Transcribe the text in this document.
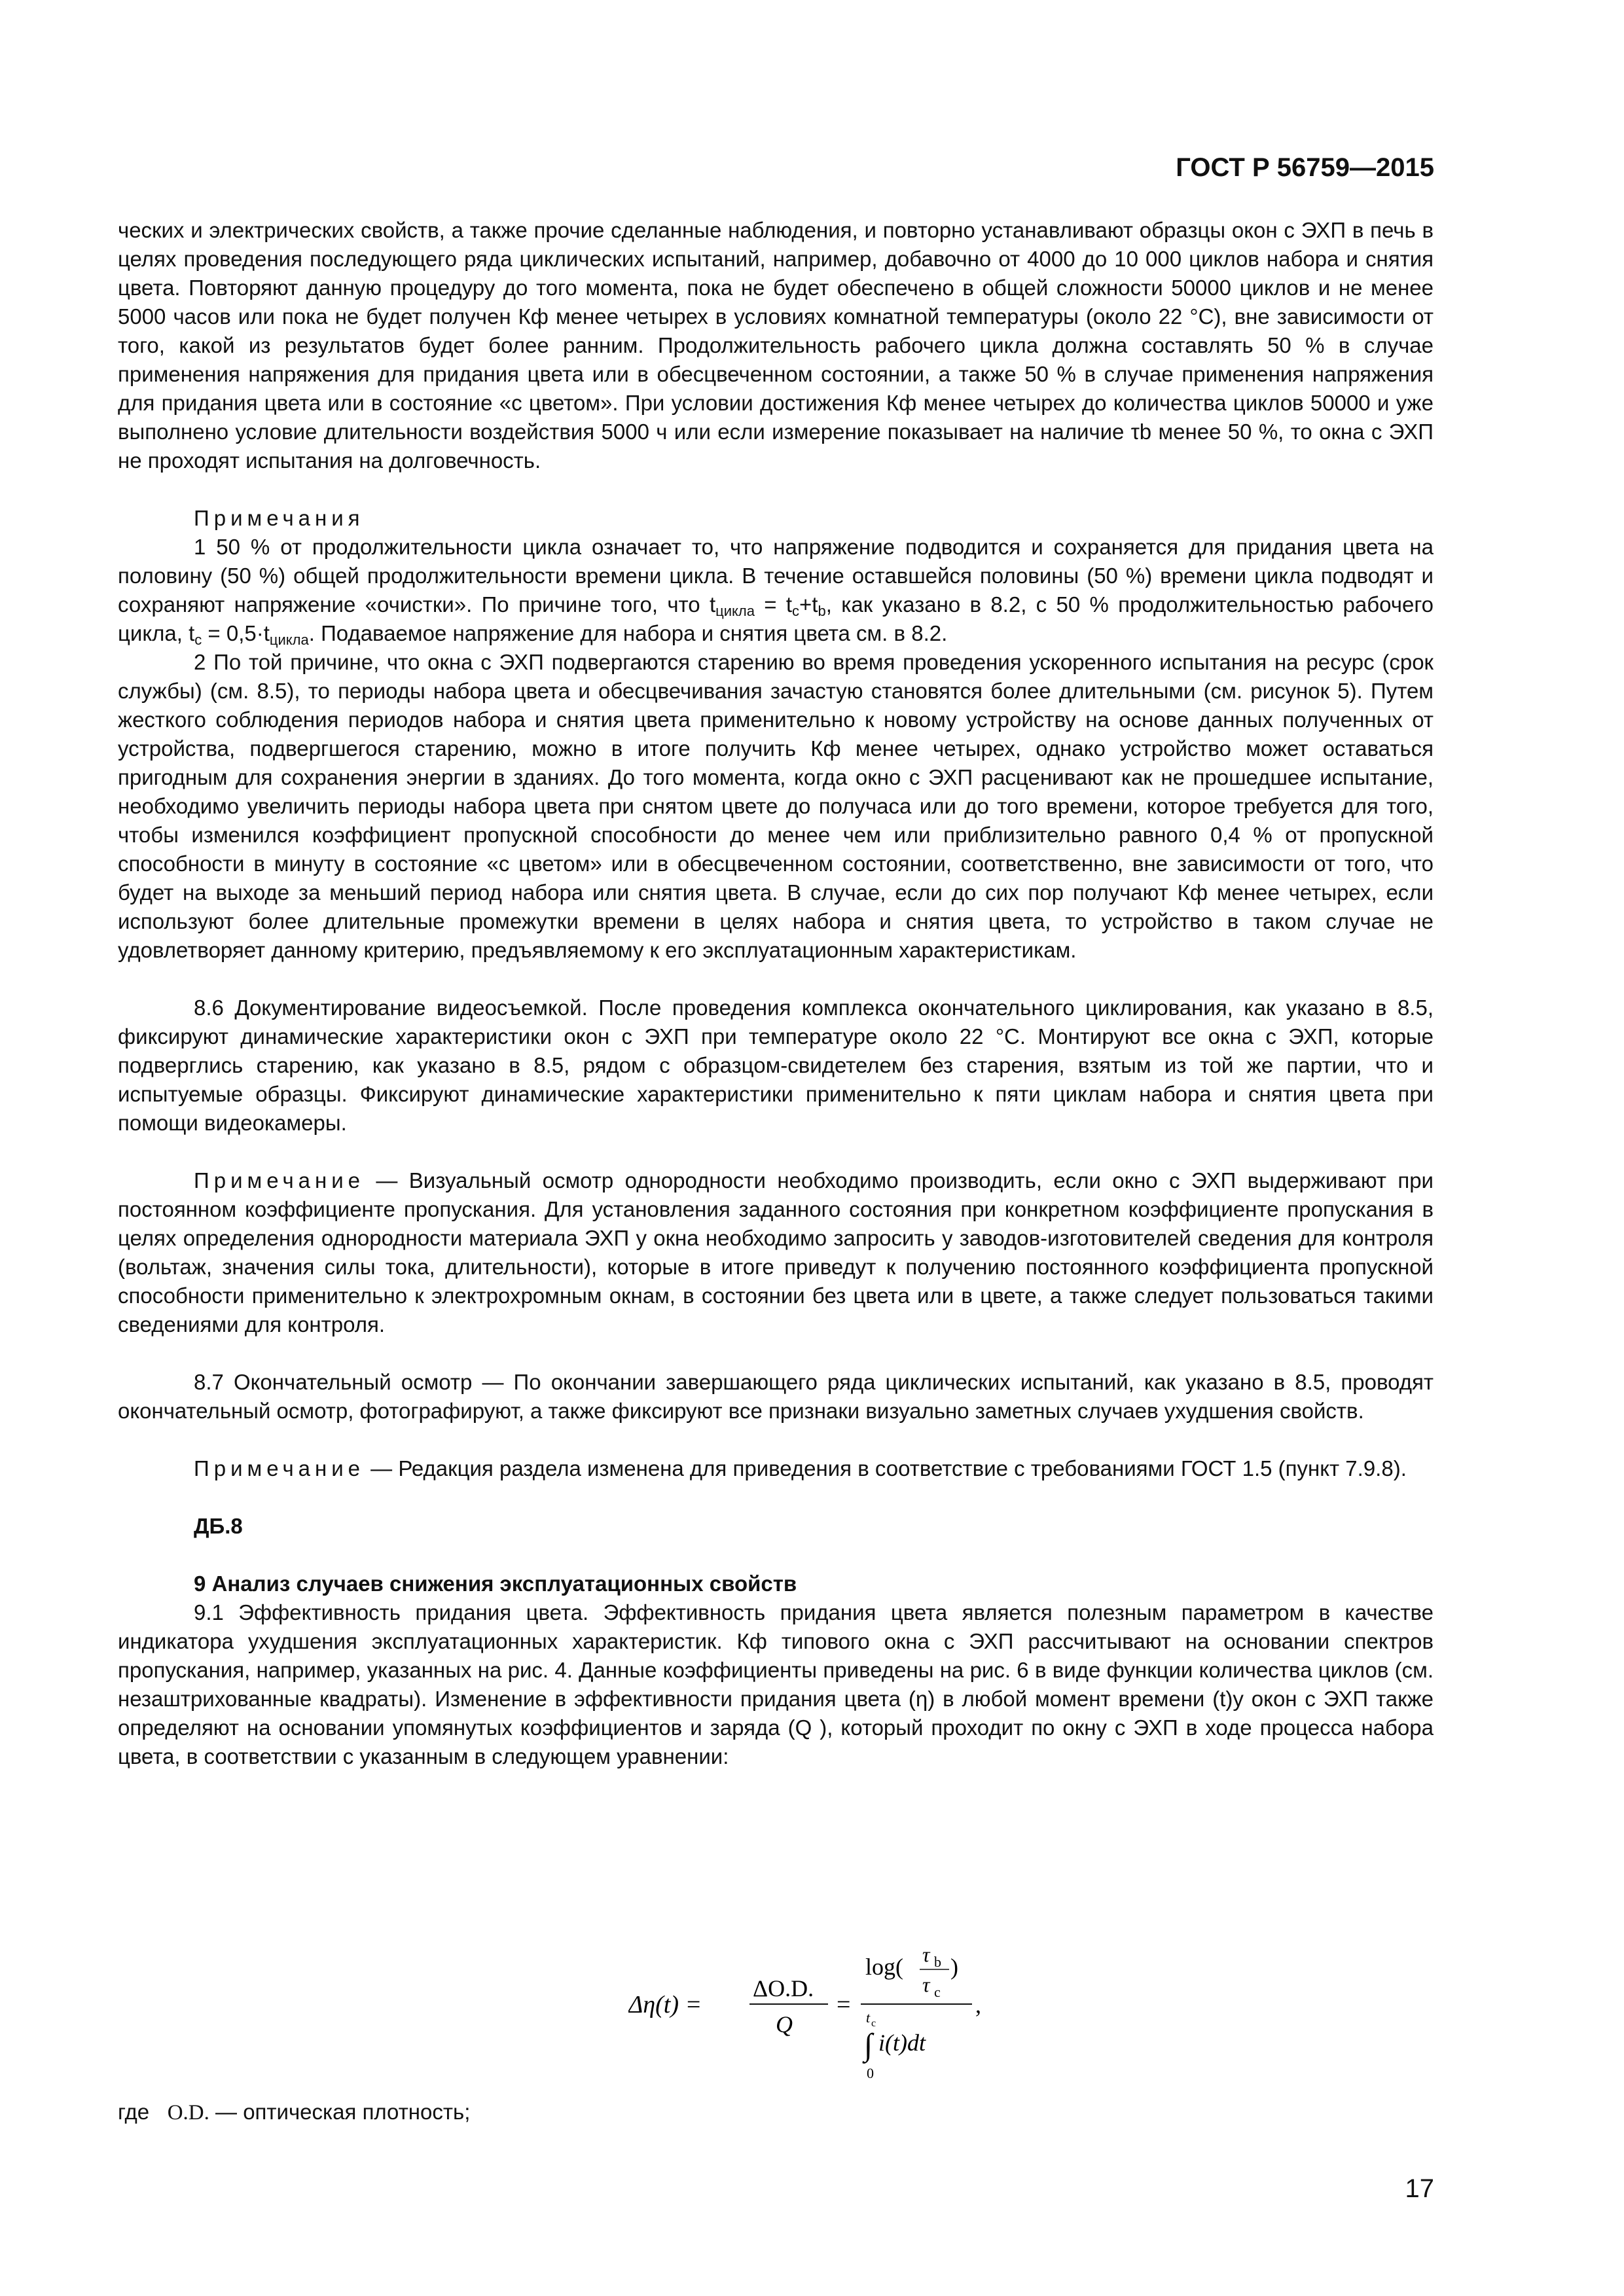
ГОСТ Р 56759—2015

ческих и электрических свойств, а также прочие сделанные наблюдения, и повторно устанавливают образцы окон с ЭХП в печь в целях проведения последующего ряда циклических испытаний, например, добавочно от 4000 до 10 000 циклов набора и снятия цвета. Повторяют данную процедуру до того момента, пока не будет обеспечено в общей сложности 50000 циклов и не менее 5000 часов или пока не будет получен Кф менее четырех в условиях комнатной температуры (около 22 °С), вне зависимости от того, какой из результатов будет более ранним. Продолжительность рабочего цикла должна составлять 50 % в случае применения напряжения для придания цвета или в обесцвеченном состоянии, а также 50 % в случае применения напряжения для придания цвета или в состояние «с цветом». При условии достижения Кф менее четырех до количества циклов 50000 и уже выполнено условие длительности воздействия 5000 ч или если измерение показывает на наличие τb менее 50 %, то окна с ЭХП не проходят испытания на долговечность.

Примечания

1 50 % от продолжительности цикла означает то, что напряжение подводится и сохраняется для придания цвета на половину (50 %) общей продолжительности времени цикла. В течение оставшейся половины (50 %) времени цикла подводят и сохраняют напряжение «очистки». По причине того, что $t_{цикла} = t_c+t_b$, как указано в 8.2, с 50 % продолжительностью рабочего цикла, $t_c = 0,5\cdot t_{цикла}$. Подаваемое напряжение для набора и снятия цвета см. в 8.2.

2 По той причине, что окна с ЭХП подвергаются старению во время проведения ускоренного испытания на ресурс (срок службы) (см. 8.5), то периоды набора цвета и обесцвечивания зачастую становятся более длительными (см. рисунок 5). Путем жесткого соблюдения периодов набора и снятия цвета применительно к новому устройству на основе данных полученных от устройства, подвергшегося старению, можно в итоге получить Кф менее четырех, однако устройство может оставаться пригодным для сохранения энергии в зданиях. До того момента, когда окно с ЭХП расценивают как не прошедшее испытание, необходимо увеличить периоды набора цвета при снятом цвете до получаса или до того времени, которое требуется для того, чтобы изменился коэффициент пропускной способности до менее чем или приблизительно равного 0,4 % от пропускной способности в минуту в состояние «с цветом» или в обесцвеченном состоянии, соответственно, вне зависимости от того, что будет на выходе за меньший период набора или снятия цвета. В случае, если до сих пор получают Кф менее четырех, если используют более длительные промежутки времени в целях набора и снятия цвета, то устройство в таком случае не удовлетворяет данному критерию, предъявляемому к его эксплуатационным характеристикам.

8.6 Документирование видеосъемкой. После проведения комплекса окончательного циклирования, как указано в 8.5, фиксируют динамические характеристики окон с ЭХП при температуре около 22 °С. Монтируют все окна с ЭХП, которые подверглись старению, как указано в 8.5, рядом с образцом-свидетелем без старения, взятым из той же партии, что и испытуемые образцы. Фиксируют динамические характеристики применительно к пяти циклам набора и снятия цвета при помощи видеокамеры.

Примечание — Визуальный осмотр однородности необходимо производить, если окно с ЭХП выдерживают при постоянном коэффициенте пропускания. Для установления заданного состояния при конкретном коэффициенте пропускания в целях определения однородности материала ЭХП у окна необходимо запросить у заводов-изготовителей сведения для контроля (вольтаж, значения силы тока, длительности), которые в итоге приведут к получению постоянного коэффициента пропускной способности применительно к электрохромным окнам, в состоянии без цвета или в цвете, а также следует пользоваться такими сведениями для контроля.

8.7 Окончательный осмотр — По окончании завершающего ряда циклических испытаний, как указано в 8.5, проводят окончательный осмотр, фотографируют, а также фиксируют все признаки визуально заметных случаев ухудшения свойств.

Примечание — Редакция раздела изменена для приведения в соответствие с требованиями ГОСТ 1.5 (пункт 7.9.8).

ДБ.8

9 Анализ случаев снижения эксплуатационных свойств

9.1 Эффективность придания цвета. Эффективность придания цвета является полезным параметром в качестве индикатора ухудшения эксплуатационных характеристик. Кф типового окна с ЭХП рассчитывают на основании спектров пропускания, например, указанных на рис. 4. Данные коэффициенты приведены на рис. 6 в виде функции количества циклов (см. незаштрихованные квадраты). Изменение в эффективности придания цвета (η) в любой момент времени (t)у окон с ЭХП также определяют на основании упомянутых коэффициентов и заряда (Q ), который проходит по окну с ЭХП в ходе процесса набора цвета, в соответствии с указанным в следующем уравнении:

Δη(t) =
ΔO.D.
Q
=
log( τ b
τ c
)
t c
∫ i(t)dt
0
,
где O.D. — оптическая плотность;
17
